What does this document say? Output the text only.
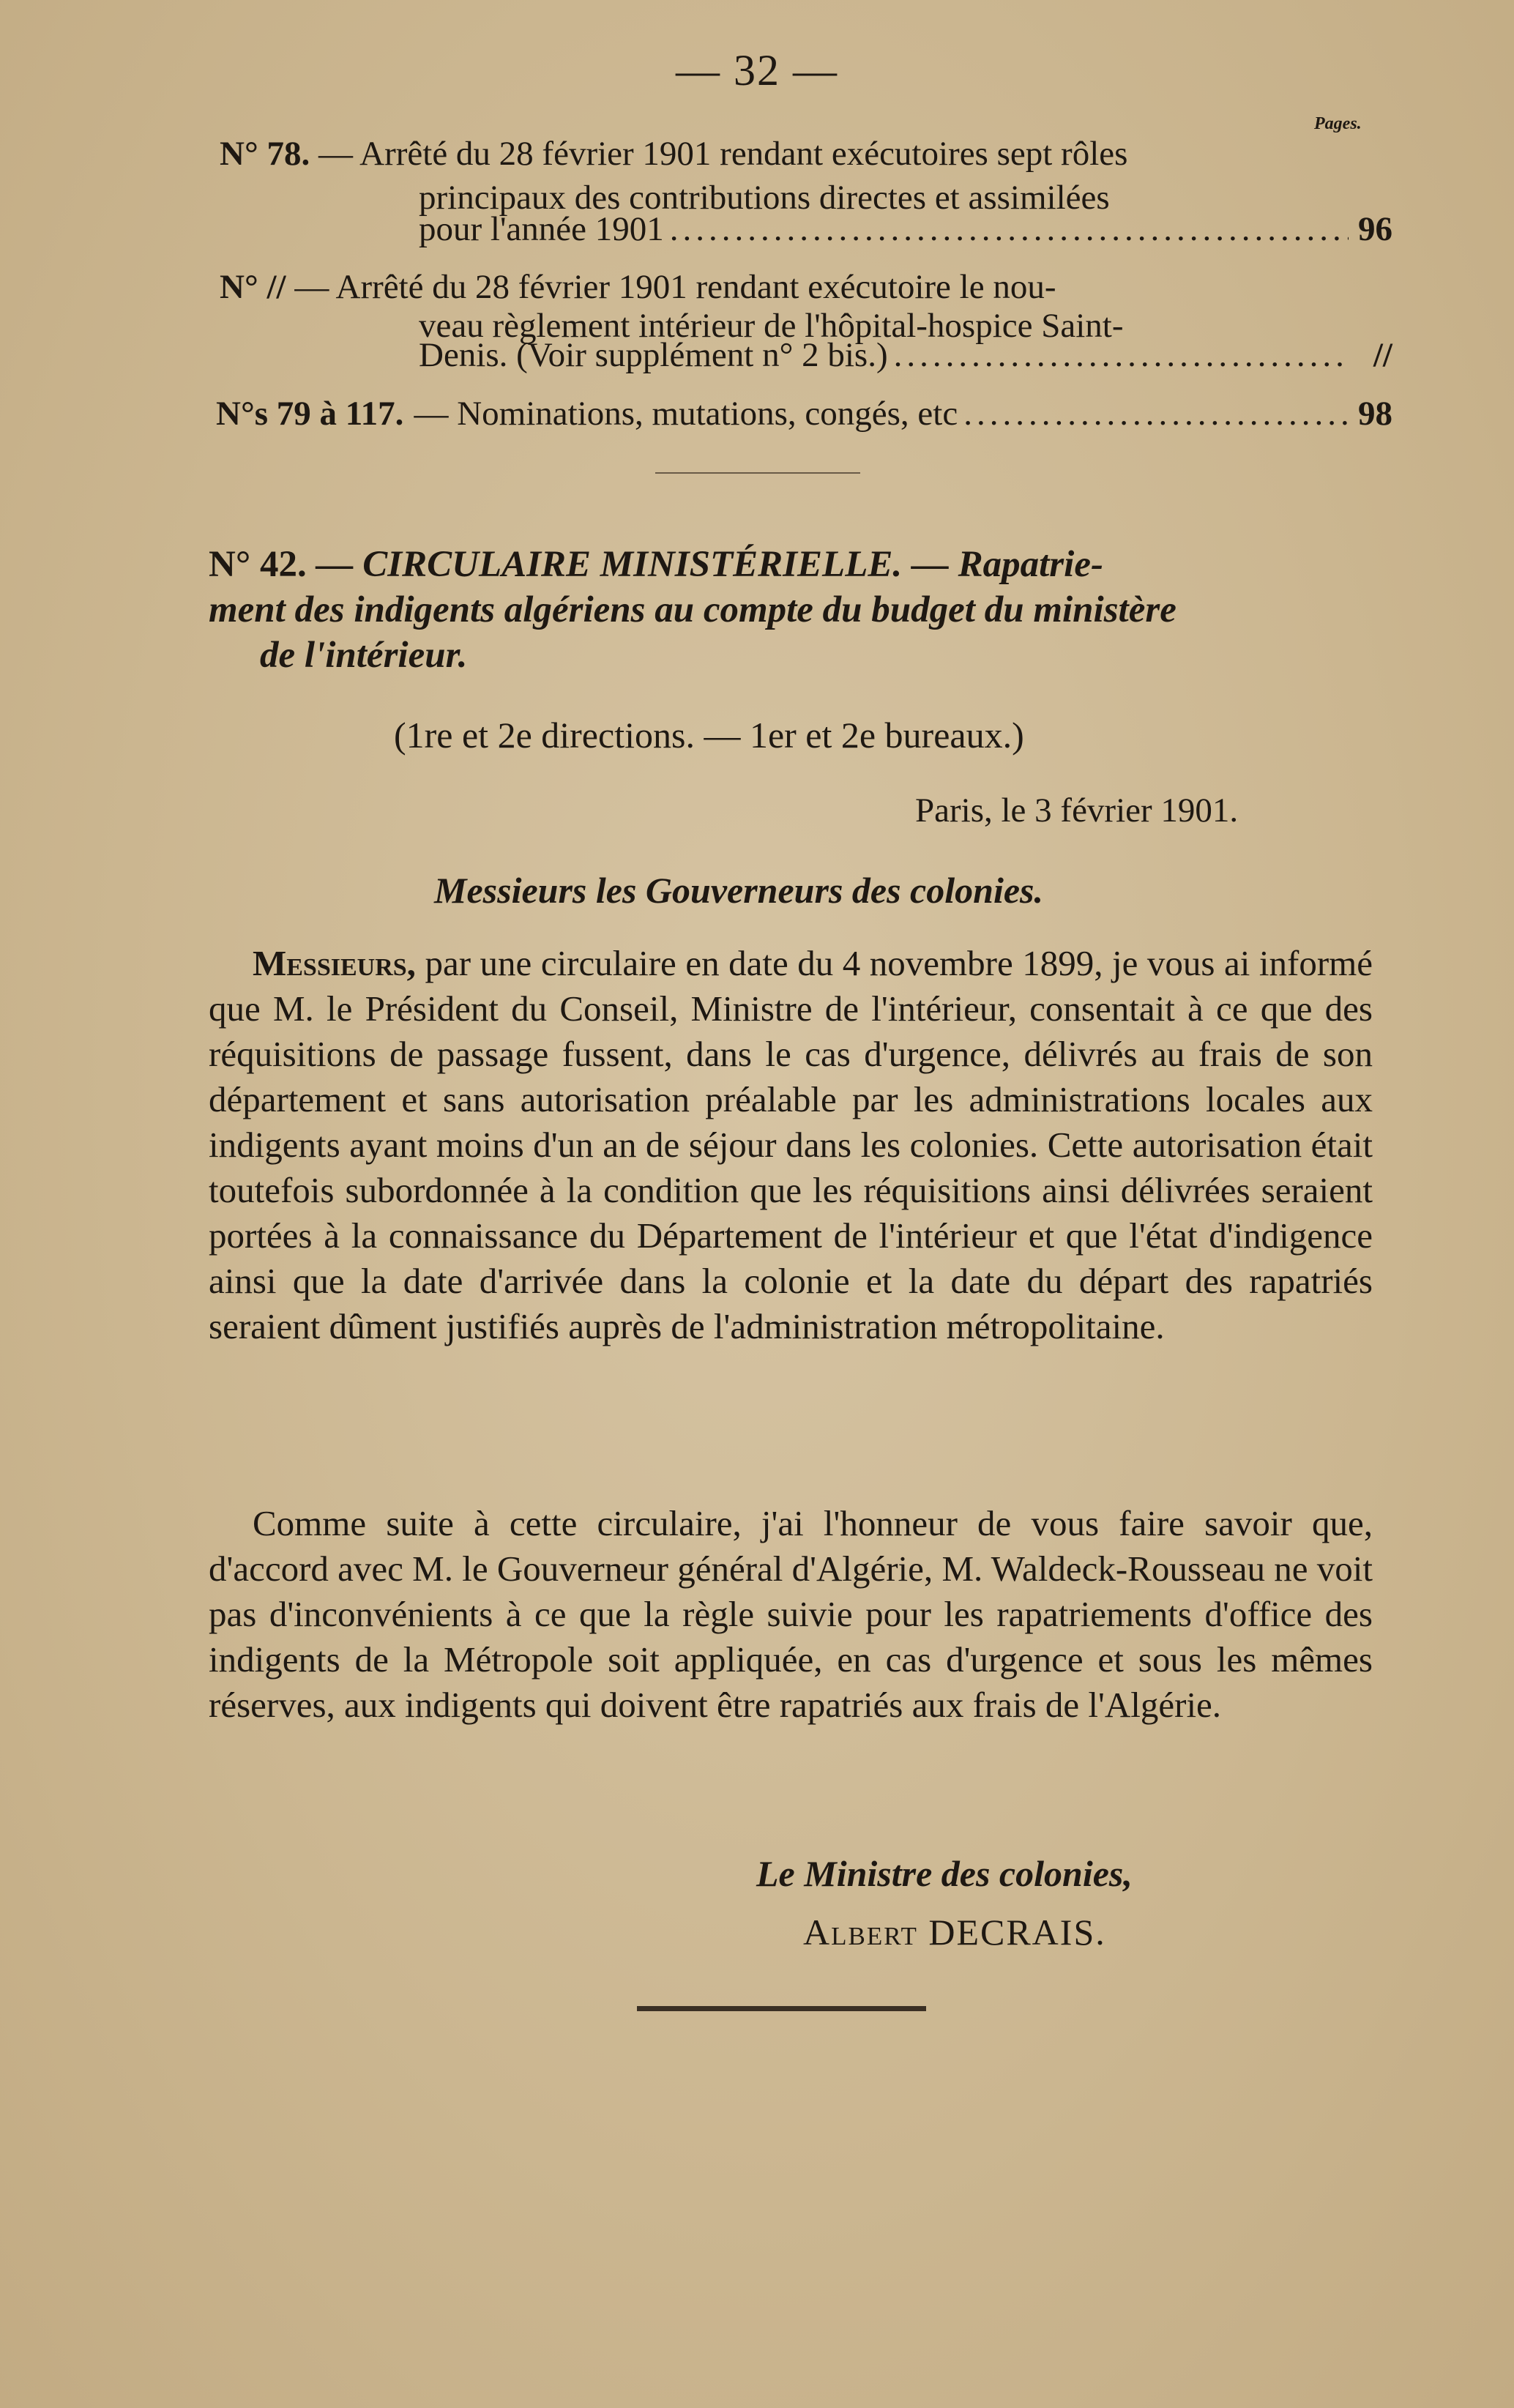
— 32 —
Pages.
N° 78. — Arrêté du 28 février 1901 rendant exécutoires sept rôles
principaux des contributions directes et assimilées
pour l'année 1901 .....	96
N° // — Arrêté du 28 février 1901 rendant exécutoire le nou-
veau règlement intérieur de l'hôpital-hospice Saint-
Denis. (Voir supplément n° 2 bis.) .....	//
N°s 79 à 117. — Nominations, mutations, congés, etc .....	98
N° 42. — CIRCULAIRE MINISTÉRIELLE. — Rapatrie-
ment des indigents algériens au compte du budget du ministère
de l'intérieur.
(1re et 2e directions. — 1er et 2e bureaux.)
Paris, le 3 février 1901.
Messieurs les Gouverneurs des colonies.
Messieurs, par une circulaire en date du 4 novembre 1899, je vous ai informé que M. le Président du Conseil, Ministre de l'intérieur, consentait à ce que des réquisitions de passage fussent, dans le cas d'urgence, délivrés au frais de son département et sans autorisation préalable par les administrations locales aux indigents ayant moins d'un an de séjour dans les colonies. Cette autorisation était toutefois subordonnée à la condition que les réquisitions ainsi délivrées seraient portées à la connaissance du Département de l'intérieur et que l'état d'indigence ainsi que la date d'arrivée dans la colonie et la date du départ des rapatriés seraient dûment justifiés auprès de l'administration métropolitaine.
Comme suite à cette circulaire, j'ai l'honneur de vous faire savoir que, d'accord avec M. le Gouverneur général d'Algérie, M. Waldeck-Rousseau ne voit pas d'inconvénients à ce que la règle suivie pour les rapatriements d'office des indigents de la Métropole soit appliquée, en cas d'urgence et sous les mêmes réserves, aux indigents qui doivent être rapatriés aux frais de l'Algérie.
Le Ministre des colonies,
Albert DECRAIS.
